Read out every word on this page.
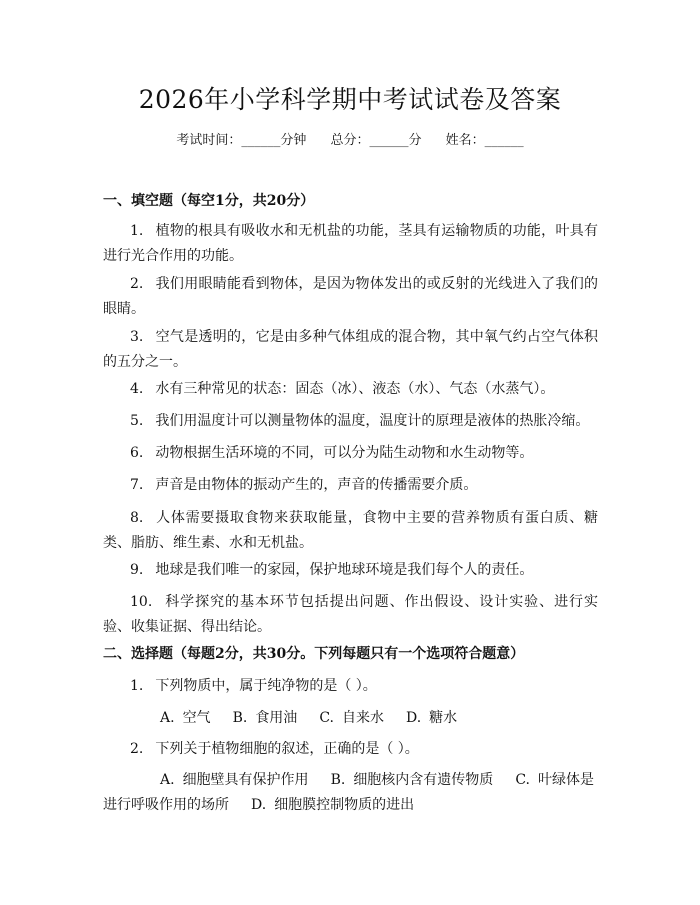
2026年小学科学期中考试试卷及答案
考试时间：______分钟 总分：______分 姓名：______
一、填空题（每空1分，共20分）
1. 植物的根具有吸收水和无机盐的功能，茎具有运输物质的功能，叶具有进行光合作用的功能。
2. 我们用眼睛能看到物体，是因为物体发出的或反射的光线进入了我们的眼睛。
3. 空气是透明的，它是由多种气体组成的混合物，其中氧气约占空气体积的五分之一。
4. 水有三种常见的状态：固态（冰）、液态（水）、气态（水蒸气）。
5. 我们用温度计可以测量物体的温度，温度计的原理是液体的热胀冷缩。
6. 动物根据生活环境的不同，可以分为陆生动物和水生动物等。
7. 声音是由物体的振动产生的，声音的传播需要介质。
8. 人体需要摄取食物来获取能量，食物中主要的营养物质有蛋白质、糖类、脂肪、维生素、水和无机盐。
9. 地球是我们唯一的家园，保护地球环境是我们每个人的责任。
10. 科学探究的基本环节包括提出问题、作出假设、设计实验、进行实验、收集证据、得出结论。
二、选择题（每题2分，共30分。下列每题只有一个选项符合题意）
1. 下列物质中，属于纯净物的是（ ）。
A. 空气 B. 食用油 C. 自来水 D. 糖水
2. 下列关于植物细胞的叙述，正确的是（ ）。
A. 细胞壁具有保护作用 B. 细胞核内含有遗传物质 C. 叶绿体是进行呼吸作用的场所 D. 细胞膜控制物质的进出
